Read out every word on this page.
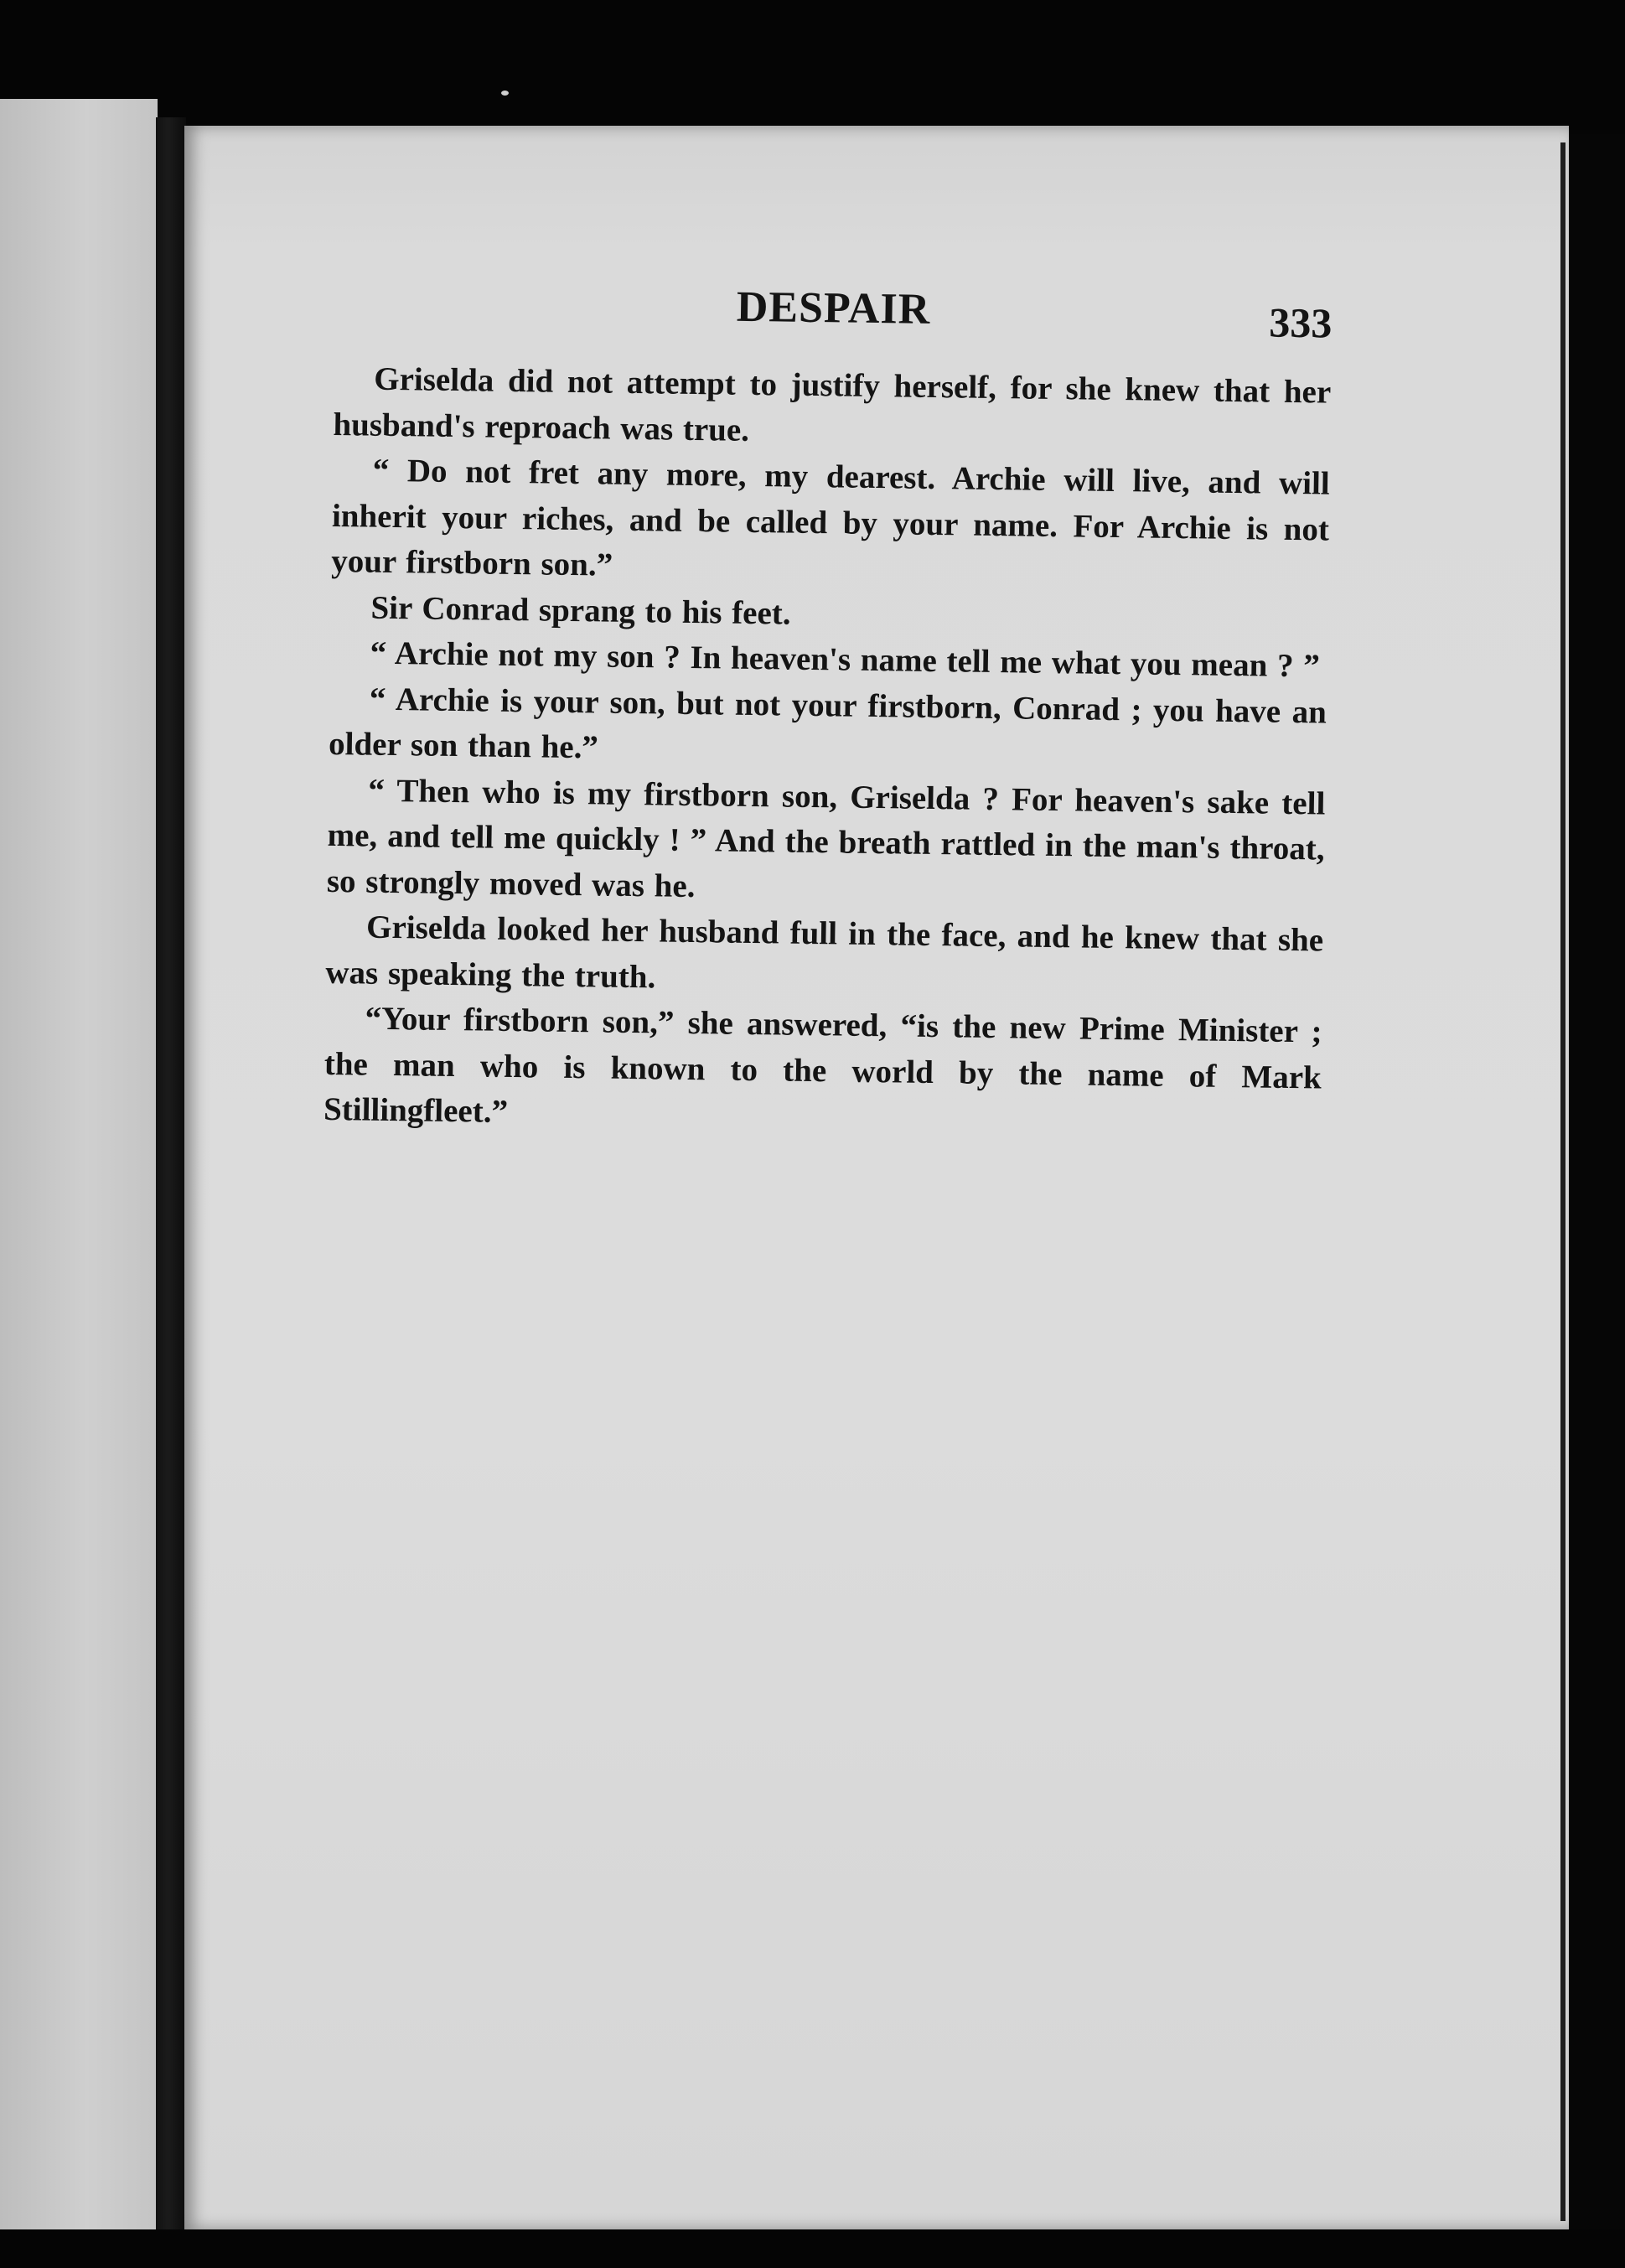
DESPAIR	333

Griselda did not attempt to justify herself, for she knew that her husband's reproach was true.

“ Do not fret any more, my dearest. Archie will live, and will inherit your riches, and be called by your name. For Archie is not your firstborn son.”

Sir Conrad sprang to his feet.

“ Archie not my son ? In heaven's name tell me what you mean ? ”

“ Archie is your son, but not your firstborn, Conrad ; you have an older son than he.”

“ Then who is my firstborn son, Griselda ? For heaven's sake tell me, and tell me quickly ! ” And the breath rattled in the man's throat, so strongly moved was he.

Griselda looked her husband full in the face, and he knew that she was speaking the truth.

“Your firstborn son,” she answered, “is the new Prime Minister ; the man who is known to the world by the name of Mark Stillingfleet.”
